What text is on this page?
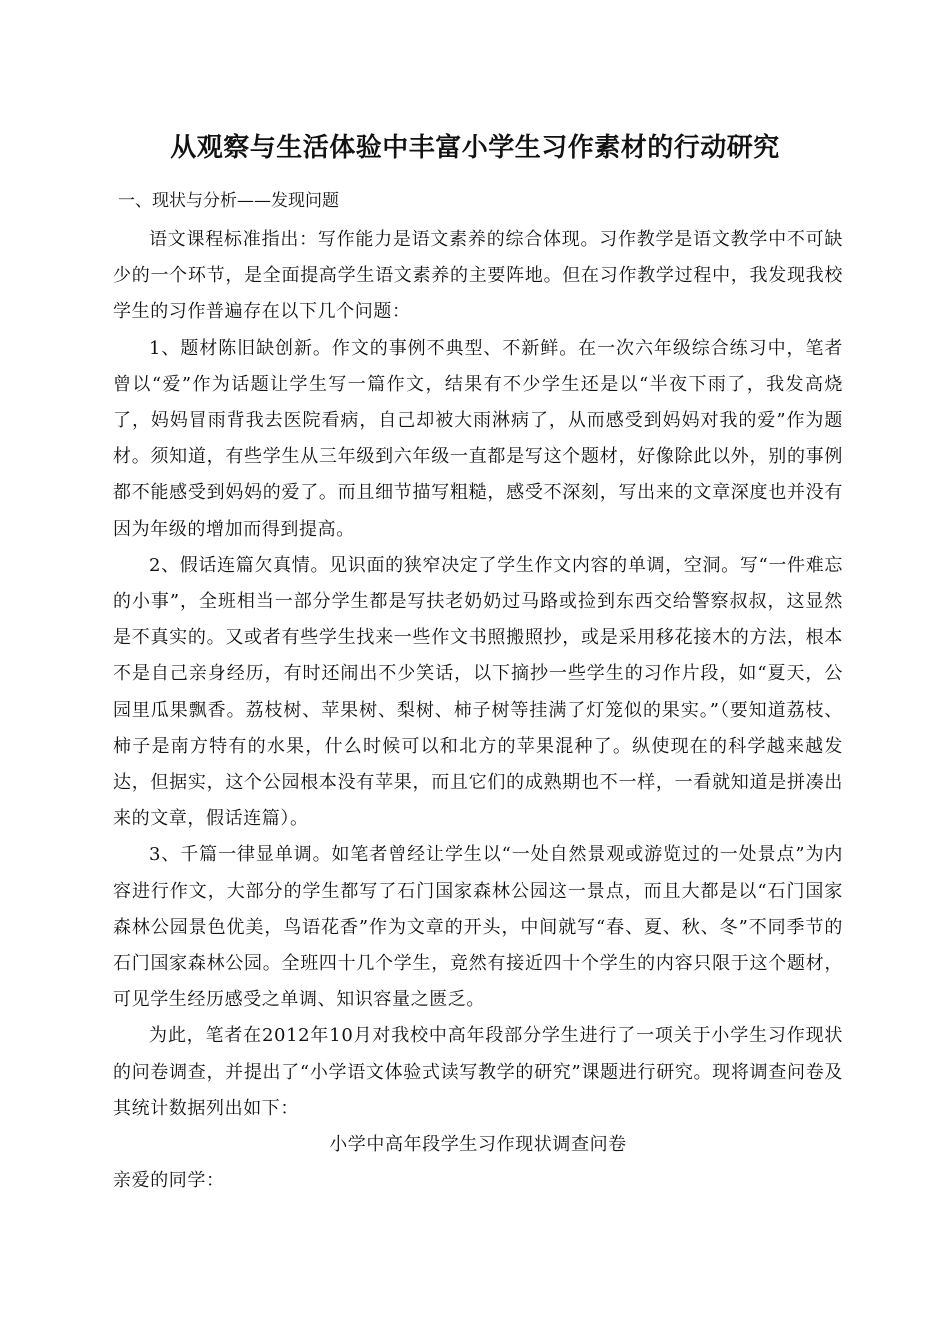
从观察与生活体验中丰富小学生习作素材的行动研究
一、现状与分析——发现问题

语文课程标准指出：写作能力是语文素养的综合体现。习作教学是语文教学中不可缺少的一个环节，是全面提高学生语文素养的主要阵地。但在习作教学过程中，我发现我校学生的习作普遍存在以下几个问题：

1、题材陈旧缺创新。作文的事例不典型、不新鲜。在一次六年级综合练习中，笔者曾以“爱”作为话题让学生写一篇作文，结果有不少学生还是以“半夜下雨了，我发高烧了，妈妈冒雨背我去医院看病，自己却被大雨淋病了，从而感受到妈妈对我的爱”作为题材。须知道，有些学生从三年级到六年级一直都是写这个题材，好像除此以外，别的事例都不能感受到妈妈的爱了。而且细节描写粗糙，感受不深刻，写出来的文章深度也并没有因为年级的增加而得到提高。

2、假话连篇欠真情。见识面的狭窄决定了学生作文内容的单调，空洞。写“一件难忘的小事”，全班相当一部分学生都是写扶老奶奶过马路或捡到东西交给警察叔叔，这显然是不真实的。又或者有些学生找来一些作文书照搬照抄，或是采用移花接木的方法，根本不是自己亲身经历，有时还闹出不少笑话，以下摘抄一些学生的习作片段，如“夏天，公园里瓜果飘香。荔枝树、苹果树、梨树、柿子树等挂满了灯笼似的果实。”（要知道荔枝、柿子是南方特有的水果，什么时候可以和北方的苹果混种了。纵使现在的科学越来越发达，但据实，这个公园根本没有苹果，而且它们的成熟期也不一样，一看就知道是拼凑出来的文章，假话连篇）。

3、千篇一律显单调。如笔者曾经让学生以“一处自然景观或游览过的一处景点”为内容进行作文，大部分的学生都写了石门国家森林公园这一景点，而且大都是以“石门国家森林公园景色优美，鸟语花香”作为文章的开头，中间就写“春、夏、秋、冬”不同季节的石门国家森林公园。全班四十几个学生，竟然有接近四十个学生的内容只限于这个题材，可见学生经历感受之单调、知识容量之匮乏。

为此，笔者在2012年10月对我校中高年段部分学生进行了一项关于小学生习作现状的问卷调查，并提出了“小学语文体验式读写教学的研究”课题进行研究。现将调查问卷及其统计数据列出如下：

小学中高年段学生习作现状调查问卷

亲爱的同学：
